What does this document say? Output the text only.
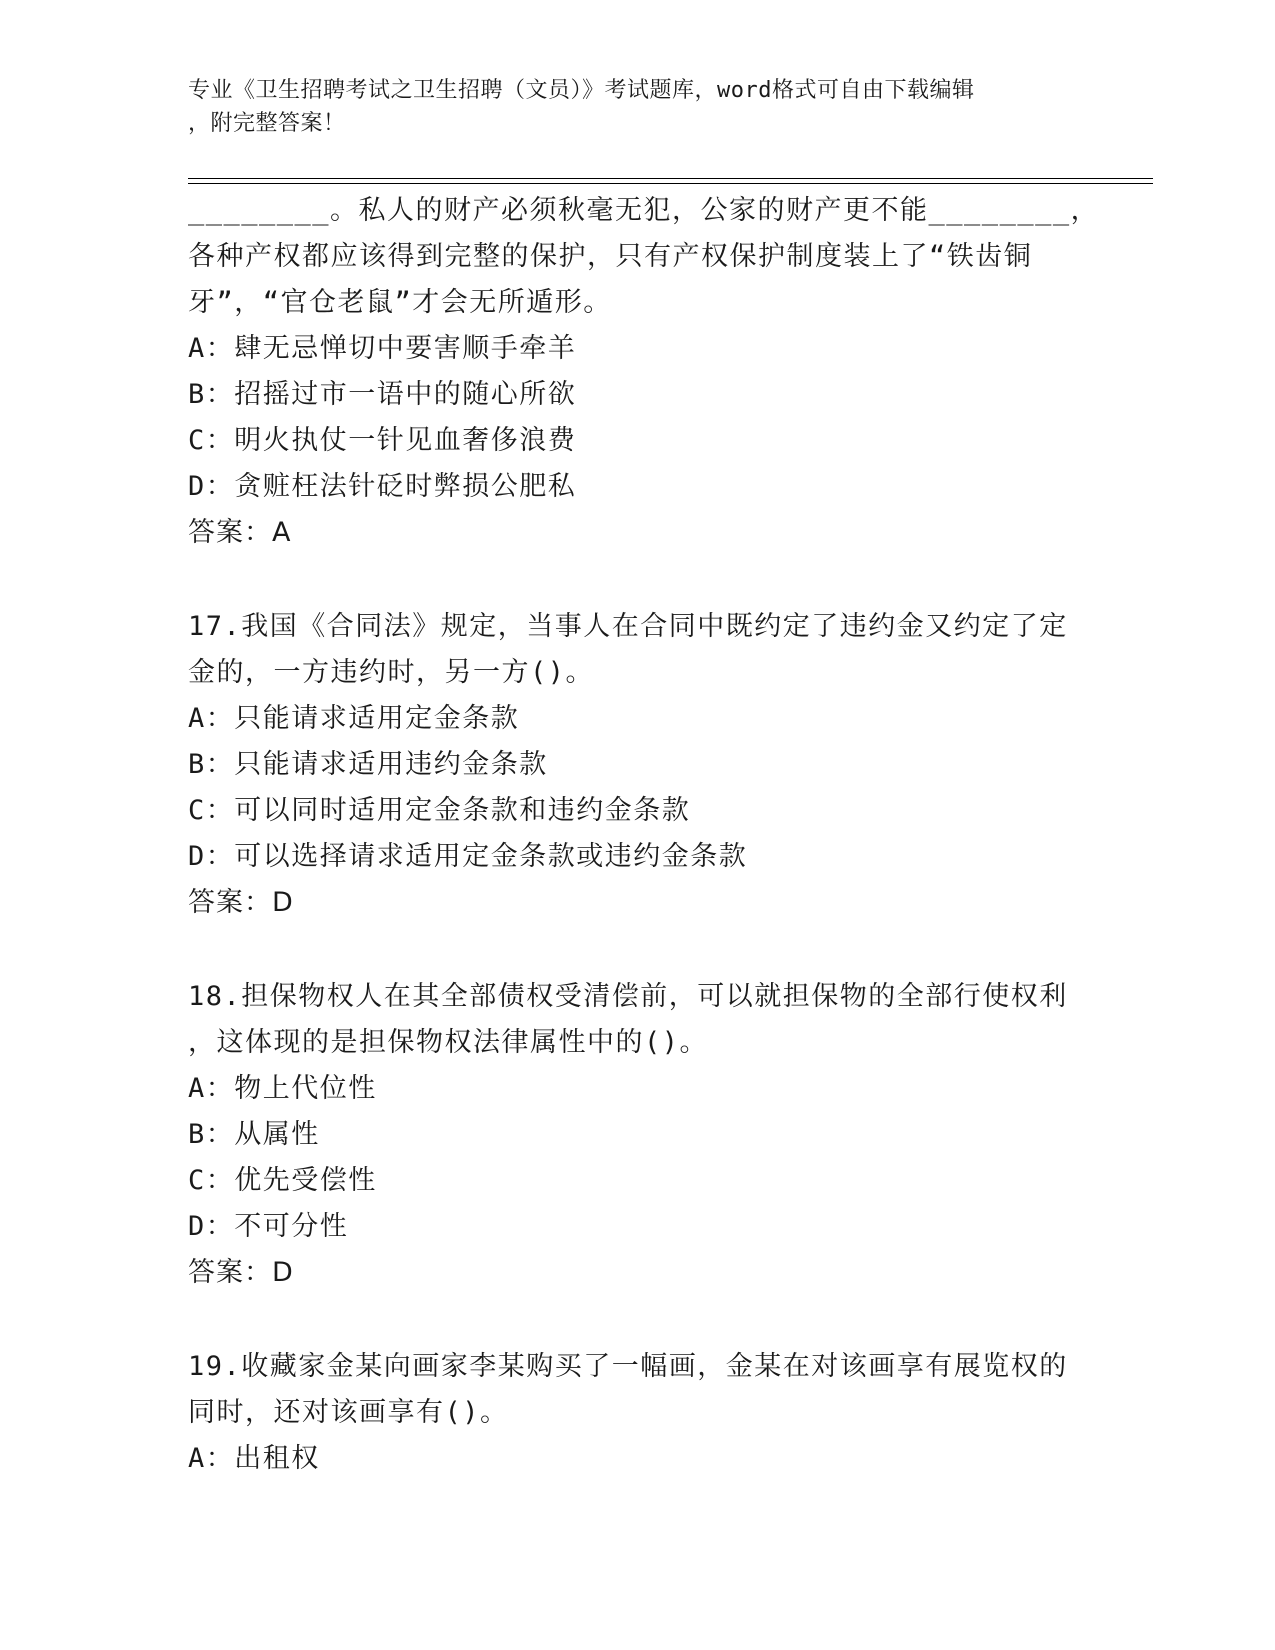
专业《卫生招聘考试之卫生招聘（文员）》考试题库，word格式可自由下载编辑
，附完整答案！
________。私人的财产必须秋毫无犯，公家的财产更不能________，
各种产权都应该得到完整的保护，只有产权保护制度装上了“铁齿铜
牙”，“官仓老鼠”才会无所遁形。
A：肆无忌惮切中要害顺手牵羊
B：招摇过市一语中的随心所欲
C：明火执仗一针见血奢侈浪费
D：贪赃枉法针砭时弊损公肥私
答案：A
17.我国《合同法》规定，当事人在合同中既约定了违约金又约定了定
金的，一方违约时，另一方()。
A：只能请求适用定金条款
B：只能请求适用违约金条款
C：可以同时适用定金条款和违约金条款
D：可以选择请求适用定金条款或违约金条款
答案：D
18.担保物权人在其全部债权受清偿前，可以就担保物的全部行使权利
，这体现的是担保物权法律属性中的()。
A：物上代位性
B：从属性
C：优先受偿性
D：不可分性
答案：D
19.收藏家金某向画家李某购买了一幅画，金某在对该画享有展览权的
同时，还对该画享有()。
A：出租权
